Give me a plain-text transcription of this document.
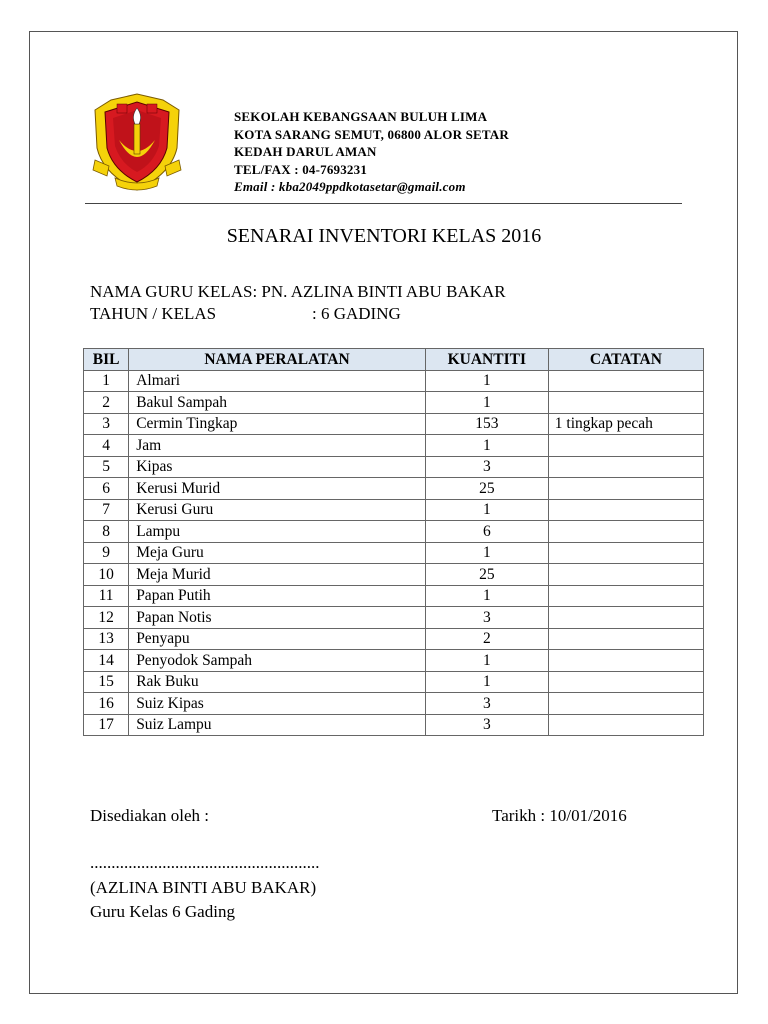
SEKOLAH KEBANGSAAN BULUH LIMA
KOTA SARANG SEMUT, 06800 ALOR SETAR
KEDAH DARUL AMAN
TEL/FAX : 04-7693231
Email : kba2049ppdkotasetar@gmail.com
SENARAI INVENTORI KELAS 2016
NAMA GURU KELAS: PN. AZLINA BINTI ABU BAKAR
TAHUN / KELAS	: 6 GADING
BIL	NAMA PERALATAN	KUANTITI	CATATAN
1	Almari	1	
2	Bakul Sampah	1	
3	Cermin Tingkap	153	1 tingkap pecah
4	Jam	1	
5	Kipas	3	
6	Kerusi Murid	25	
7	Kerusi Guru	1	
8	Lampu	6	
9	Meja Guru	1	
10	Meja Murid	25	
11	Papan Putih	1	
12	Papan Notis	3	
13	Penyapu	2	
14	Penyodok Sampah	1	
15	Rak Buku	1	
16	Suiz Kipas	3	
17	Suiz Lampu	3	
Disediakan oleh :	Tarikh : 10/01/2016
......................................................
(AZLINA BINTI ABU BAKAR)
Guru Kelas 6 Gading
